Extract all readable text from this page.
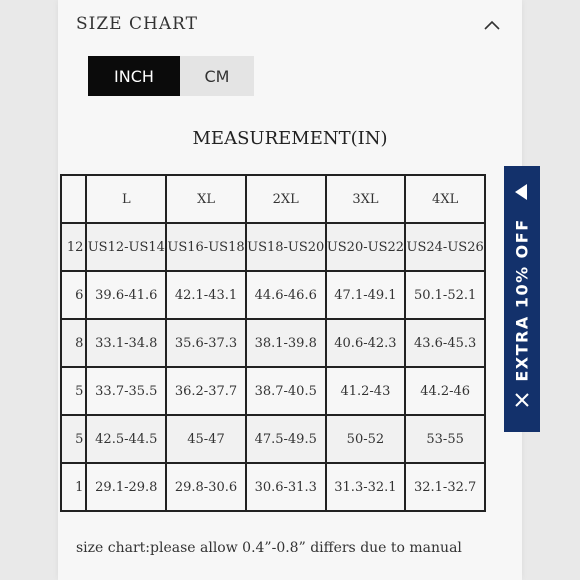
SIZE CHART
INCH	CM
MEASUREMENT(IN)
	L	XL	2XL	3XL	4XL
12	US12-US14	US16-US18	US18-US20	US20-US22	US24-US26
6	39.6-41.6	42.1-43.1	44.6-46.6	47.1-49.1	50.1-52.1
8	33.1-34.8	35.6-37.3	38.1-39.8	40.6-42.3	43.6-45.3
5	33.7-35.5	36.2-37.7	38.7-40.5	41.2-43	44.2-46
5	42.5-44.5	45-47	47.5-49.5	50-52	53-55
1	29.1-29.8	29.8-30.6	30.6-31.3	31.3-32.1	32.1-32.7
size chart:please allow 0.4”-0.8” differs due to manual
EXTRA 10% OFF
